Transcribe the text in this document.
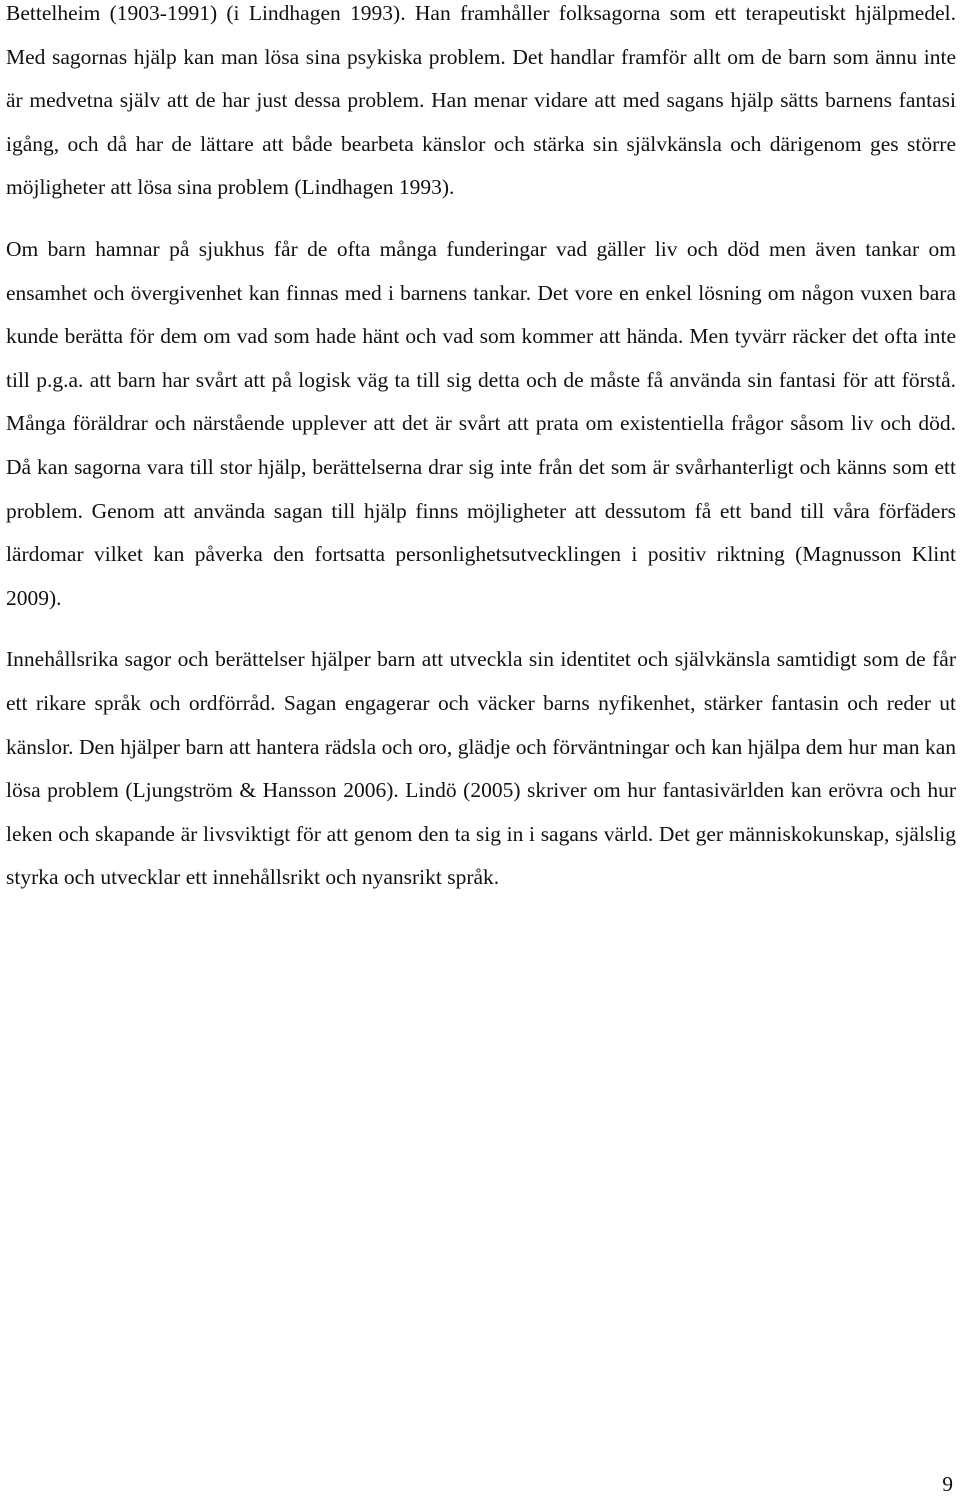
Bettelheim (1903-1991) (i Lindhagen 1993). Han framhåller folksagorna som ett terapeutiskt hjälpmedel. Med sagornas hjälp kan man lösa sina psykiska problem. Det handlar framför allt om de barn som ännu inte är medvetna själv att de har just dessa problem. Han menar vidare att med sagans hjälp sätts barnens fantasi igång, och då har de lättare att både bearbeta känslor och stärka sin självkänsla och därigenom ges större möjligheter att lösa sina problem (Lindhagen 1993).

Om barn hamnar på sjukhus får de ofta många funderingar vad gäller liv och död men även tankar om ensamhet och övergivenhet kan finnas med i barnens tankar. Det vore en enkel lösning om någon vuxen bara kunde berätta för dem om vad som hade hänt och vad som kommer att hända. Men tyvärr räcker det ofta inte till p.g.a. att barn har svårt att på logisk väg ta till sig detta och de måste få använda sin fantasi för att förstå. Många föräldrar och närstående upplever att det är svårt att prata om existentiella frågor såsom liv och död. Då kan sagorna vara till stor hjälp, berättelserna drar sig inte från det som är svårhanterligt och känns som ett problem. Genom att använda sagan till hjälp finns möjligheter att dessutom få ett band till våra förfäders lärdomar vilket kan påverka den fortsatta personlighetsutvecklingen i positiv riktning (Magnusson Klint 2009).

Innehållsrika sagor och berättelser hjälper barn att utveckla sin identitet och självkänsla samtidigt som de får ett rikare språk och ordförråd. Sagan engagerar och väcker barns nyfikenhet, stärker fantasin och reder ut känslor. Den hjälper barn att hantera rädsla och oro, glädje och förväntningar och kan hjälpa dem hur man kan lösa problem (Ljungström & Hansson 2006). Lindö (2005) skriver om hur fantasivärlden kan erövra och hur leken och skapande är livsviktigt för att genom den ta sig in i sagans värld. Det ger människokunskap, själslig styrka och utvecklar ett innehållsrikt och nyansrikt språk.

9
